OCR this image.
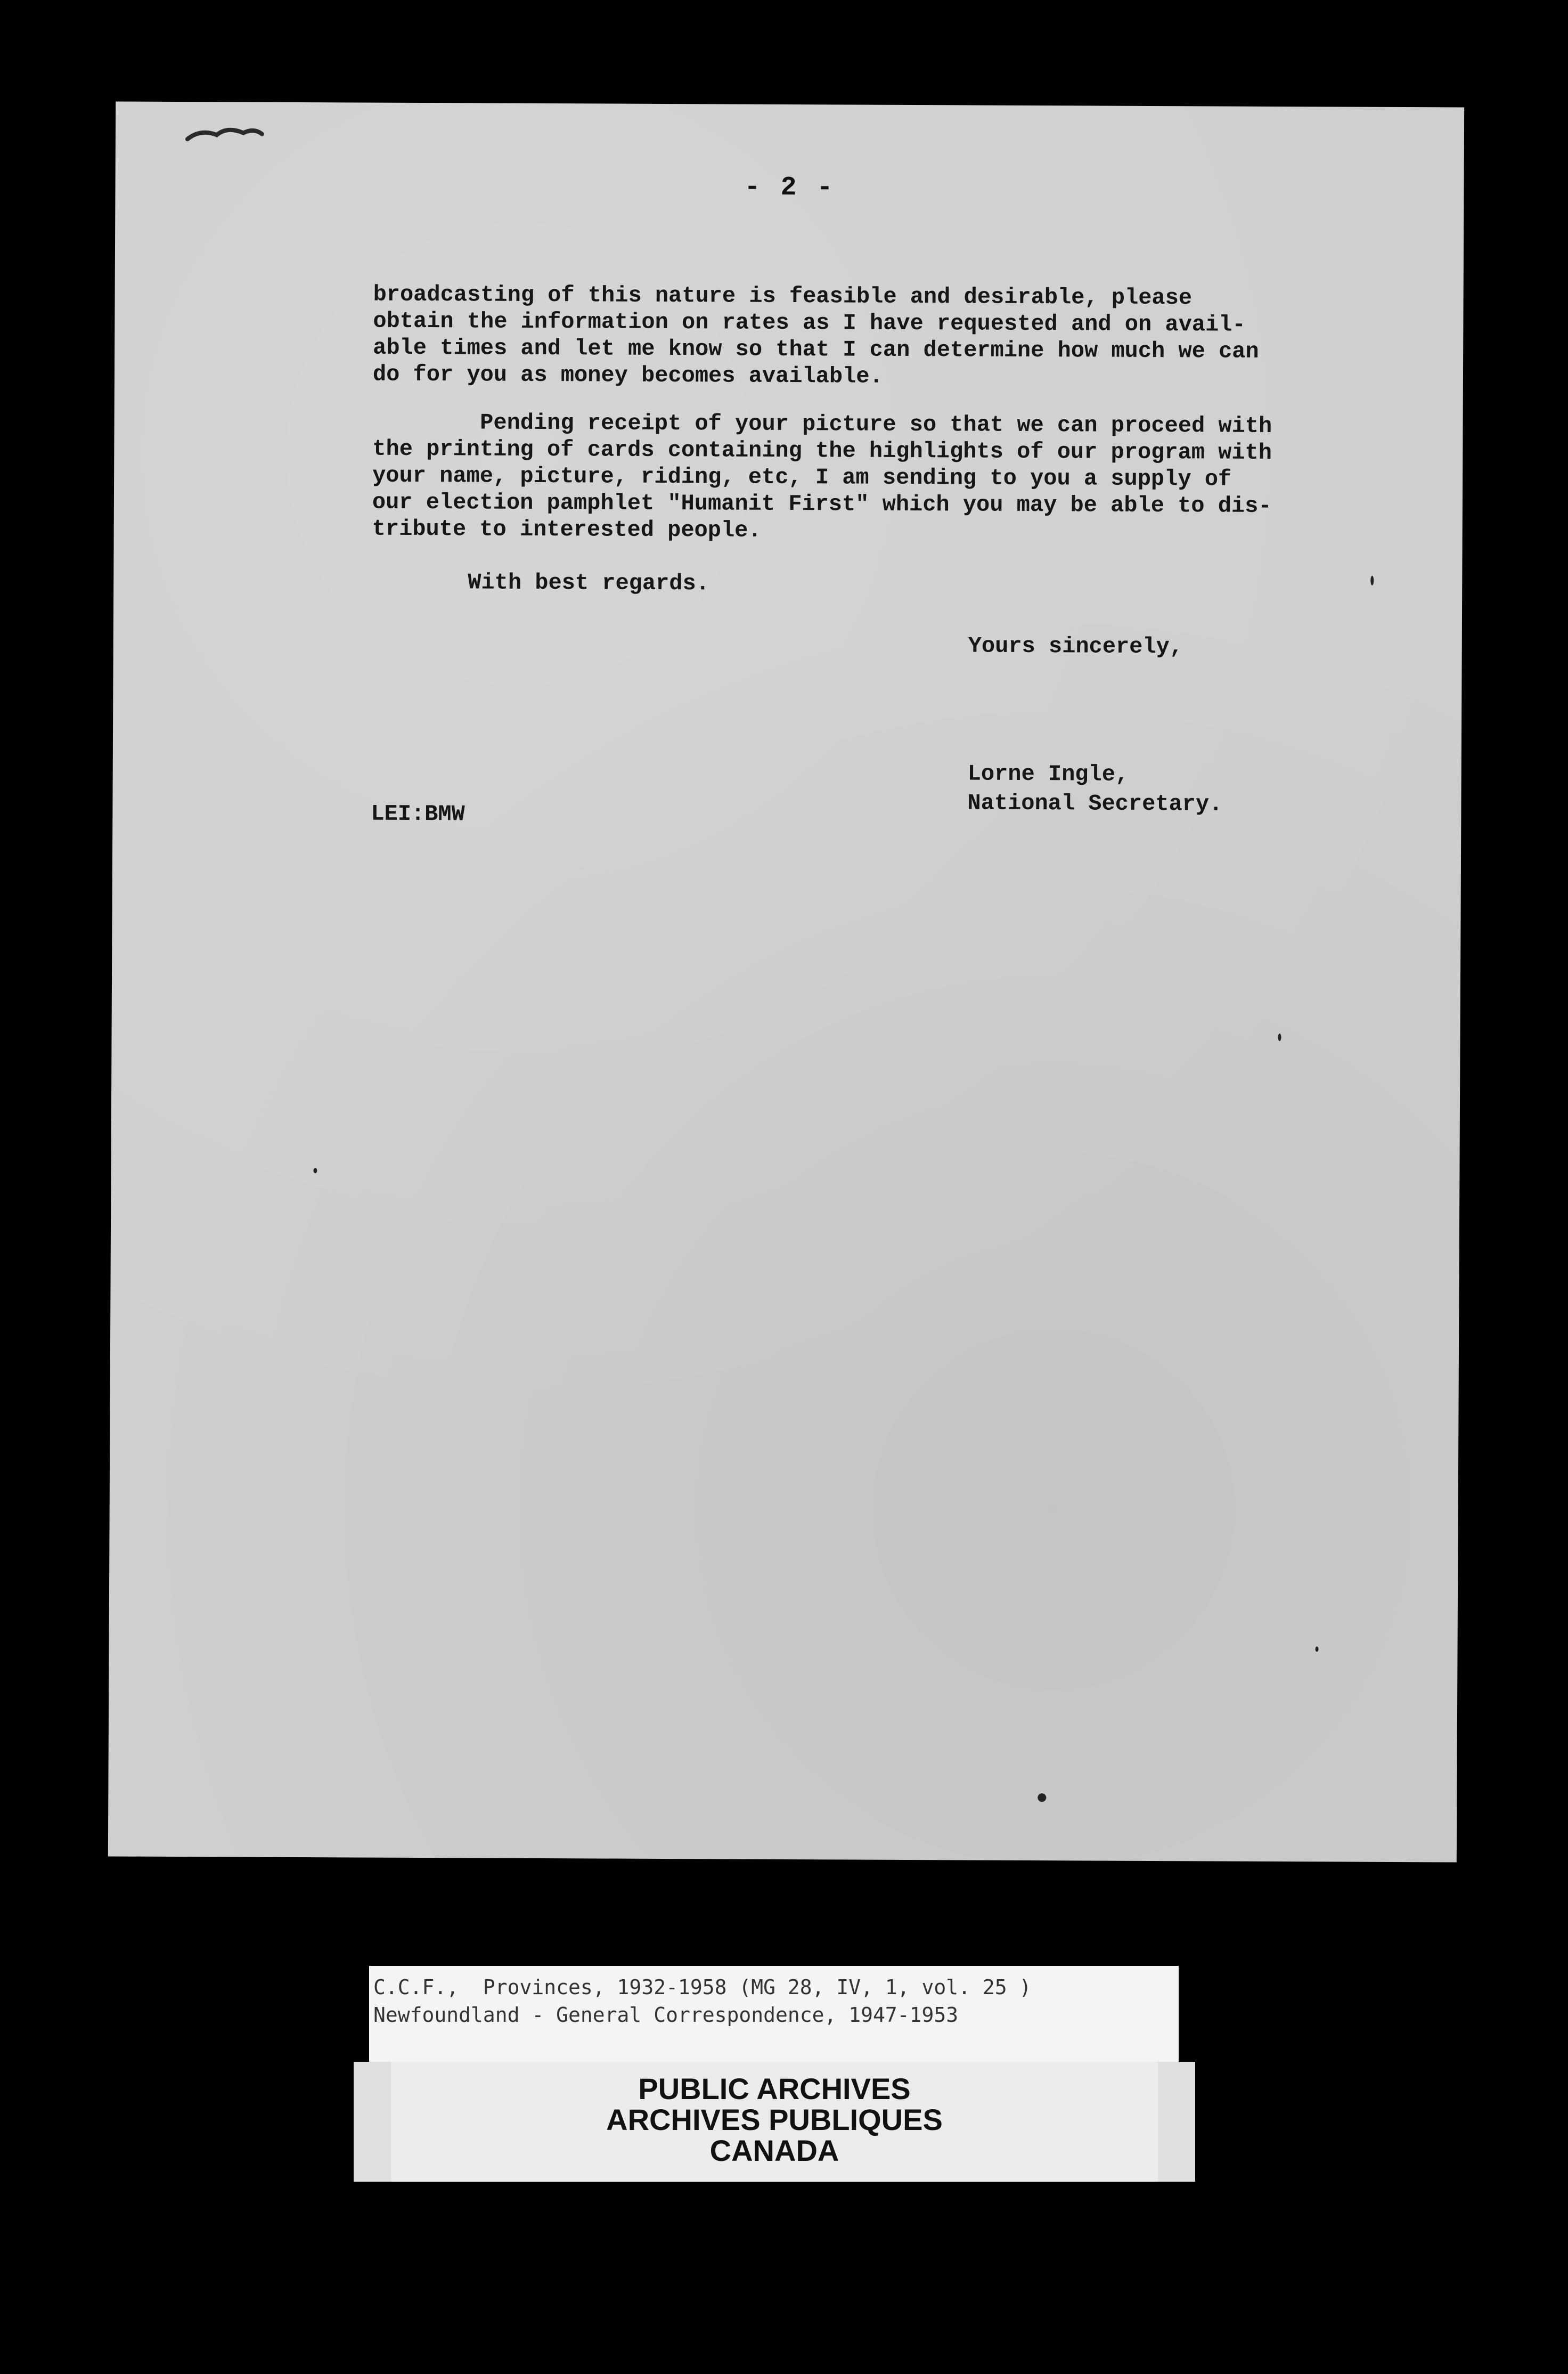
- 2 -

broadcasting of this nature is feasible and desirable, please
obtain the information on rates as I have requested and on avail-
able times and let me know so that I can determine how much we can
do for you as money becomes available.

Pending receipt of your picture so that we can proceed with
the printing of cards containing the highlights of our program with
your name, picture, riding, etc, I am sending to you a supply of
our election pamphlet "Humanit First" which you may be able to dis-
tribute to interested people.

With best regards.

Yours sincerely,

Lorne Ingle,

National Secretary.

LEI:BMW

C.C.F.,  Provinces, 1932-1958 (MG 28, IV, 1, vol. 25 )

Newfoundland - General Correspondence, 1947-1953

PUBLIC ARCHIVES

ARCHIVES PUBLIQUES

CANADA
